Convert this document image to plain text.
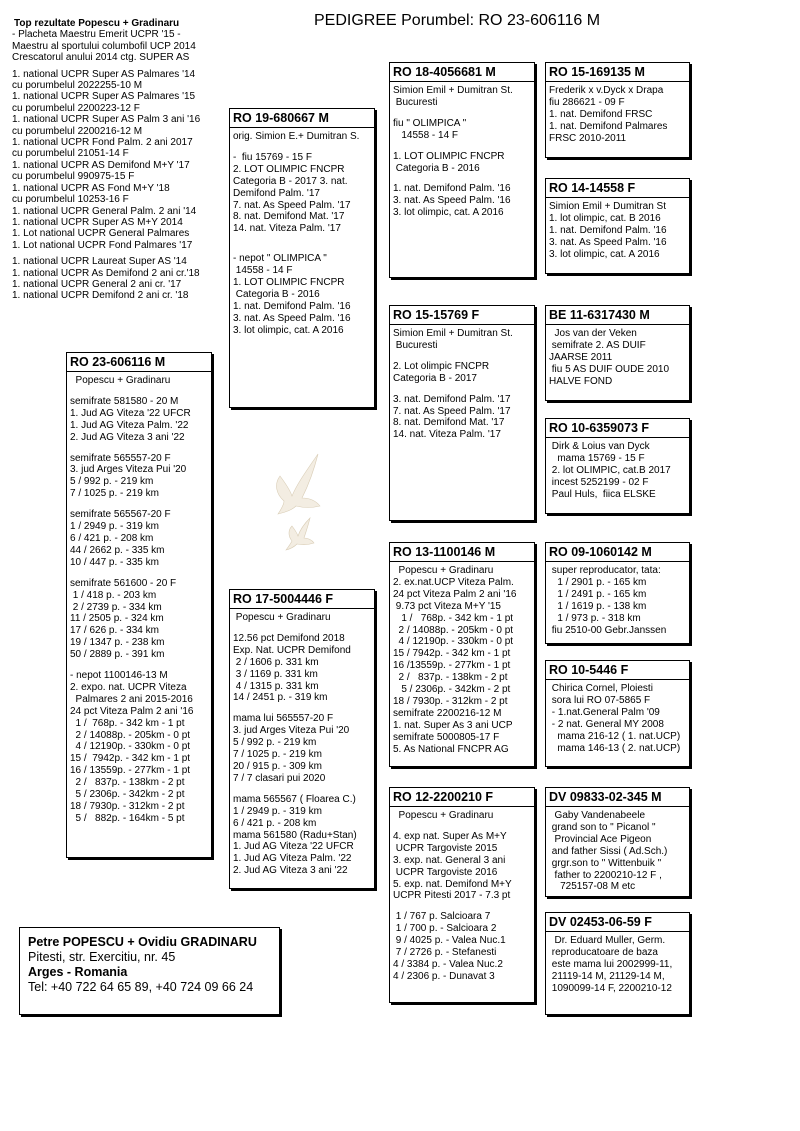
PEDIGREE Porumbel: RO 23-606116 M
Top rezultate Popescu + Gradinaru
- Placheta Maestru Emerit UCPR '15 -
Maestru al sportului columbofil UCP 2014
Crescatorul anului 2014 ctg. SUPER AS
1. national UCPR Super AS Palmares '14
cu porumbelul 2022255-10 M
1. national UCPR Super AS Palmares '15
cu porumbelul 2200223-12 F
1. national UCPR Super AS Palm 3 ani '16
cu porumbelul 2200216-12 M
1. national UCPR Fond Palm. 2 ani 2017
cu porumbelul 21051-14 F
1. national UCPR AS Demifond M+Y '17
cu porumbelul 990975-15 F
1. national UCPR AS Fond M+Y '18
cu porumbelul 10253-16 F
1. national UCPR General Palm. 2 ani '14
1. national UCPR Super AS M+Y 2014
1. Lot national UCPR General Palmares
1. Lot national UCPR Fond Palmares '17
1. national UCPR Laureat Super AS '14
1. national UCPR As Demifond 2 ani cr.'18
1. national UCPR General 2 ani cr. '17
1. national UCPR Demifond 2 ani cr. '18
RO 23-606116 M
Popescu + Gradinaru
semifrate 581580 - 20 M
1. Jud AG Viteza '22 UFCR
1. Jud AG Viteza Palm. '22
2. Jud AG Viteza 3 ani '22
semifrate 565557-20 F
3. jud Arges Viteza Pui '20
5 / 992 p. - 219 km
7 / 1025 p. - 219 km
semifrate 565567-20 F
1 / 2949 p. - 319 km
6 / 421 p. - 208 km
44 / 2662 p. - 335 km
10 / 447 p. - 335 km
semifrate 561600 - 20 F
1 / 418 p. - 203 km
2 / 2739 p. - 334 km
11 / 2505 p. - 324 km
17 / 626 p. - 334 km
19 / 1347 p. - 238 km
50 / 2889 p. - 391 km
- nepot 1100146-13 M
2. expo. nat. UCPR Viteza
Palmares 2 ani 2015-2016
24 pct Viteza Palm 2 ani '16
1 /  768p. - 342 km - 1 pt
2 / 14088p. - 205km - 0 pt
4 / 12190p. - 330km - 0 pt
15 /  7942p. - 342 km - 1 pt
16 / 13559p. - 277km - 1 pt
2 /   837p. - 138km - 2 pt
5 / 2306p. - 342km - 2 pt
18 / 7930p. - 312km - 2 pt
5 /   882p. - 164km - 5 pt
RO 19-680667 M
orig. Simion E.+ Dumitran S.
-  fiu 15769 - 15 F
2. LOT OLIMPIC FNCPR
Categoria B - 2017 3. nat.
Demifond Palm. '17
7. nat. As Speed Palm. '17
8. nat. Demifond Mat. '17
14. nat. Viteza Palm. '17
- nepot " OLIMPICA "
14558 - 14 F
1. LOT OLIMPIC FNCPR
Categoria B - 2016
1. nat. Demifond Palm. '16
3. nat. As Speed Palm. '16
3. lot olimpic, cat. A 2016
RO 17-5004446 F
Popescu + Gradinaru
12.56 pct Demifond 2018
Exp. Nat. UCPR Demifond
2 / 1606 p. 331 km
3 / 1169 p. 331 km
4 / 1315 p. 331 km
14 / 2451 p. - 319 km
mama lui 565557-20 F
3. jud Arges Viteza Pui '20
5 / 992 p. - 219 km
7 / 1025 p. - 219 km
20 / 915 p. - 309 km
7 / 7 clasari pui 2020
mama 565567 ( Floarea C.)
1 / 2949 p. - 319 km
6 / 421 p. - 208 km
mama 561580 (Radu+Stan)
1. Jud AG Viteza '22 UFCR
1. Jud AG Viteza Palm. '22
2. Jud AG Viteza 3 ani '22
RO 18-4056681 M
Simion Emil + Dumitran St.
Bucuresti
fiu " OLIMPICA "
14558 - 14 F
1. LOT OLIMPIC FNCPR
Categoria B - 2016
1. nat. Demifond Palm. '16
3. nat. As Speed Palm. '16
3. lot olimpic, cat. A 2016
RO 15-15769 F
Simion Emil + Dumitran St.
Bucuresti
2. Lot olimpic FNCPR
Categoria B - 2017
3. nat. Demifond Palm. '17
7. nat. As Speed Palm. '17
8. nat. Demifond Mat. '17
14. nat. Viteza Palm. '17
RO 13-1100146 M
Popescu + Gradinaru
2. ex.nat.UCP Viteza Palm.
24 pct Viteza Palm 2 ani '16
9.73 pct Viteza M+Y '15
1 /   768p. - 342 km - 1 pt
2 / 14088p. - 205km - 0 pt
4 / 12190p. - 330km - 0 pt
15 / 7942p. - 342 km - 1 pt
16 /13559p. - 277km - 1 pt
2 /   837p. - 138km - 2 pt
5 / 2306p. - 342km - 2 pt
18 / 7930p. - 312km - 2 pt
semifrate 2200216-12 M
1. nat. Super As 3 ani UCP
semifrate 5000805-17 F
5. As National FNCPR AG
RO 12-2200210 F
Popescu + Gradinaru
4. exp nat. Super As M+Y
UCPR Targoviste 2015
3. exp. nat. General 3 ani
UCPR Targoviste 2016
5. exp. nat. Demifond M+Y
UCPR Pitesti 2017 - 7.3 pt
1 / 767 p. Salcioara 7
1 / 700 p. - Salcioara 2
9 / 4025 p. - Valea Nuc.1
7 / 2726 p. - Stefanesti
4 / 3384 p. - Valea Nuc.2
4 / 2306 p. - Dunavat 3
RO 15-169135 M
Frederik x v.Dyck x Drapa
fiu 286621 - 09 F
1. nat. Demifond FRSC
1. nat. Demifond Palmares
FRSC 2010-2011
RO 14-14558 F
Simion Emil + Dumitran St
1. lot olimpic, cat. B 2016
1. nat. Demifond Palm. '16
3. nat. As Speed Palm. '16
3. lot olimpic, cat. A 2016
BE 11-6317430 M
Jos van der Veken
semifrate 2. AS DUIF
JAARSE 2011
fiu 5 AS DUIF OUDE 2010
HALVE FOND
RO 10-6359073 F
Dirk & Loius van Dyck
mama 15769 - 15 F
2. lot OLIMPIC, cat.B 2017
incest 5252199 - 02 F
Paul Huls,  fiica ELSKE
RO 09-1060142 M
super reproducator, tata:
1 / 2901 p. - 165 km
1 / 2491 p. - 165 km
1 / 1619 p. - 138 km
1 / 973 p. - 318 km
fiu 2510-00 Gebr.Janssen
RO 10-5446 F
Chirica Cornel, Ploiesti
sora lui RO 07-5865 F
- 1.nat.General Palm '09
- 2 nat. General MY 2008
mama 216-12 ( 1. nat.UCP)
mama 146-13 ( 2. nat.UCP)
DV 09833-02-345 M
Gaby Vandenabeele
grand son to " Picanol "
Provincial Ace Pigeon
and father Sissi ( Ad.Sch.)
grgr.son to " Wittenbuik "
father to 2200210-12 F ,
725157-08 M etc
DV 02453-06-59 F
Dr. Eduard Muller, Germ.
reproducatoare de baza
este mama lui 2002999-11,
21119-14 M, 21129-14 M,
1090099-14 F, 2200210-12
Petre POPESCU + Ovidiu GRADINARU
Pitesti, str. Exercitiu, nr. 45
Arges - Romania
Tel: +40 722 64 65 89, +40 724 09 66 24
